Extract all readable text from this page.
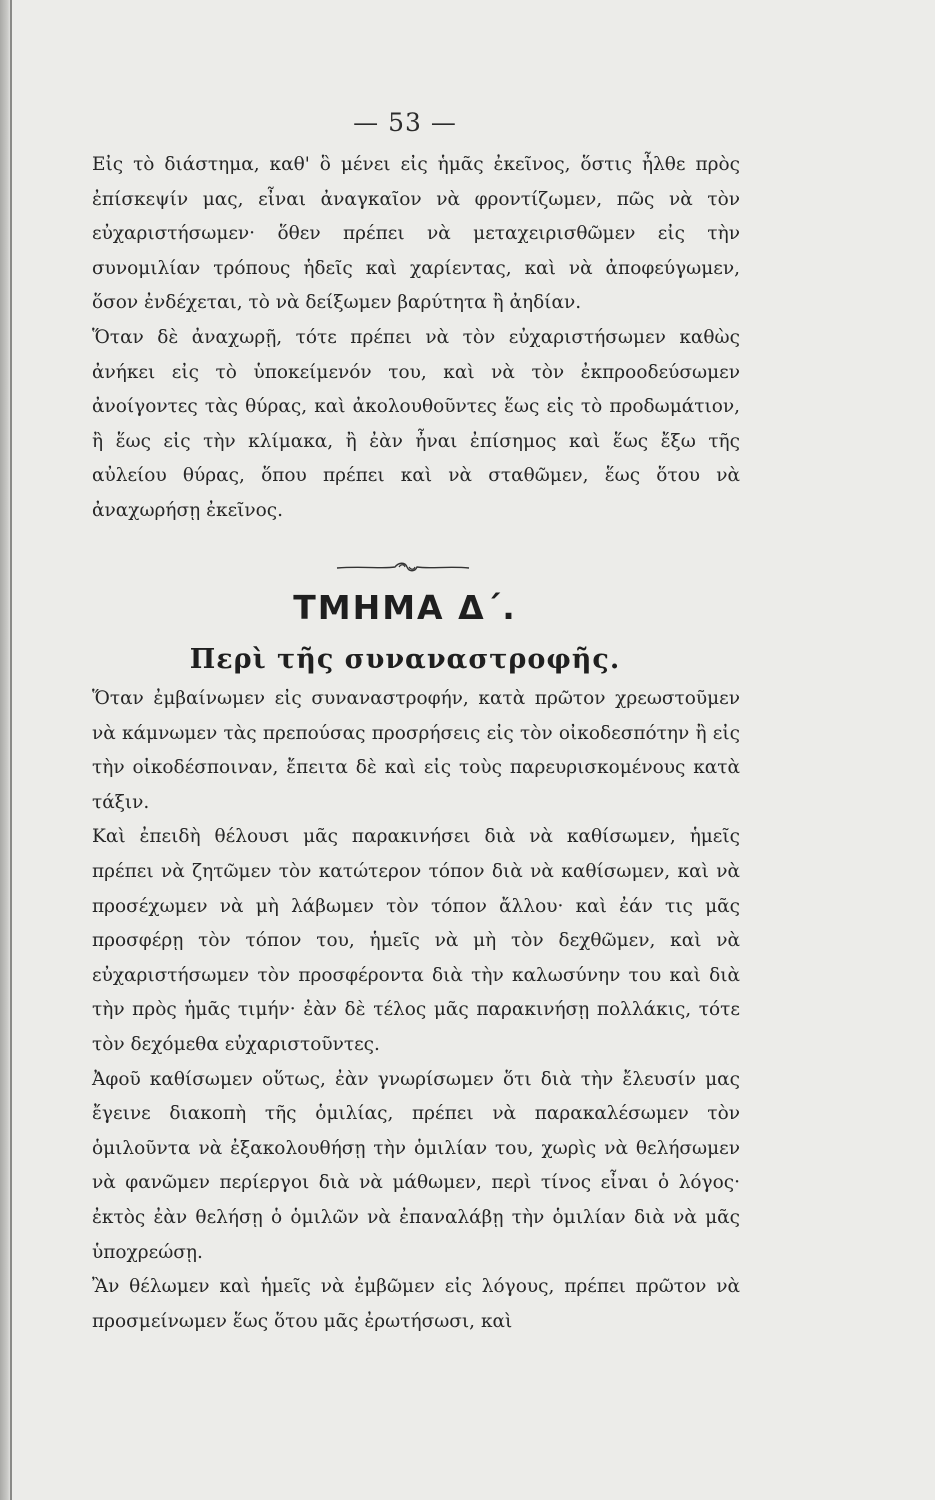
— 53 —

Εἰς τὸ διάστημα, καθ' ὃ μένει εἰς ἡμᾶς ἐκεῖνος, ὅστις ἦλθε πρὸς ἐπίσκεψίν μας, εἶναι ἀναγκαῖον νὰ φροντίζωμεν, πῶς νὰ τὸν εὐχαριστήσωμεν· ὅθεν πρέπει νὰ μεταχειρισθῶμεν εἰς τὴν συνομιλίαν τρόπους ἡδεῖς καὶ χαρίεντας, καὶ νὰ ἀποφεύγωμεν, ὅσον ἐνδέχεται, τὸ νὰ δείξωμεν βαρύτητα ἢ ἀηδίαν.

Ὅταν δὲ ἀναχωρῇ, τότε πρέπει νὰ τὸν εὐχαριστήσωμεν καθὼς ἀνήκει εἰς τὸ ὑποκείμενόν του, καὶ νὰ τὸν ἐκπροοδεύσωμεν ἀνοίγοντες τὰς θύρας, καὶ ἀκολουθοῦντες ἕως εἰς τὸ προδωμάτιον, ἢ ἕως εἰς τὴν κλίμακα, ἢ ἐὰν ἦναι ἐπίσημος καὶ ἕως ἔξω τῆς αὐλείου θύρας, ὅπου πρέπει καὶ νὰ σταθῶμεν, ἕως ὅτου νὰ ἀναχωρήσῃ ἐκεῖνος.

ΤΜΗΜΑ Δ΄.
Περὶ τῆς συναναστροφῆς.

Ὅταν ἐμβαίνωμεν εἰς συναναστροφήν, κατὰ πρῶτον χρεωστοῦμεν νὰ κάμνωμεν τὰς πρεπούσας προσρήσεις εἰς τὸν οἰκοδεσπότην ἢ εἰς τὴν οἰκοδέσποιναν, ἔπειτα δὲ καὶ εἰς τοὺς παρευρισκομένους κατὰ τάξιν.

Καὶ ἐπειδὴ θέλουσι μᾶς παρακινήσει διὰ νὰ καθίσωμεν, ἡμεῖς πρέπει νὰ ζητῶμεν τὸν κατώτερον τόπον διὰ νὰ καθίσωμεν, καὶ νὰ προσέχωμεν νὰ μὴ λάβωμεν τὸν τόπον ἄλλου· καὶ ἐάν τις μᾶς προσφέρῃ τὸν τόπον του, ἡμεῖς νὰ μὴ τὸν δεχθῶμεν, καὶ νὰ εὐχαριστήσωμεν τὸν προσφέροντα διὰ τὴν καλωσύνην του καὶ διὰ τὴν πρὸς ἡμᾶς τιμήν· ἐὰν δὲ τέλος μᾶς παρακινήσῃ πολλάκις, τότε τὸν δεχόμεθα εὐχαριστοῦντες.

Ἀφοῦ καθίσωμεν οὕτως, ἐὰν γνωρίσωμεν ὅτι διὰ τὴν ἔλευσίν μας ἔγεινε διακοπὴ τῆς ὁμιλίας, πρέπει νὰ παρακαλέσωμεν τὸν ὁμιλοῦντα νὰ ἐξακολουθήσῃ τὴν ὁμιλίαν του, χωρὶς νὰ θελήσωμεν νὰ φανῶμεν περίεργοι διὰ νὰ μάθωμεν, περὶ τίνος εἶναι ὁ λόγος· ἐκτὸς ἐὰν θελήσῃ ὁ ὁμιλῶν νὰ ἐπαναλάβῃ τὴν ὁμιλίαν διὰ νὰ μᾶς ὑποχρεώσῃ.

Ἂν θέλωμεν καὶ ἡμεῖς νὰ ἐμβῶμεν εἰς λόγους, πρέπει πρῶτον νὰ προσμείνωμεν ἕως ὅτου μᾶς ἐρωτήσωσι, καὶ
